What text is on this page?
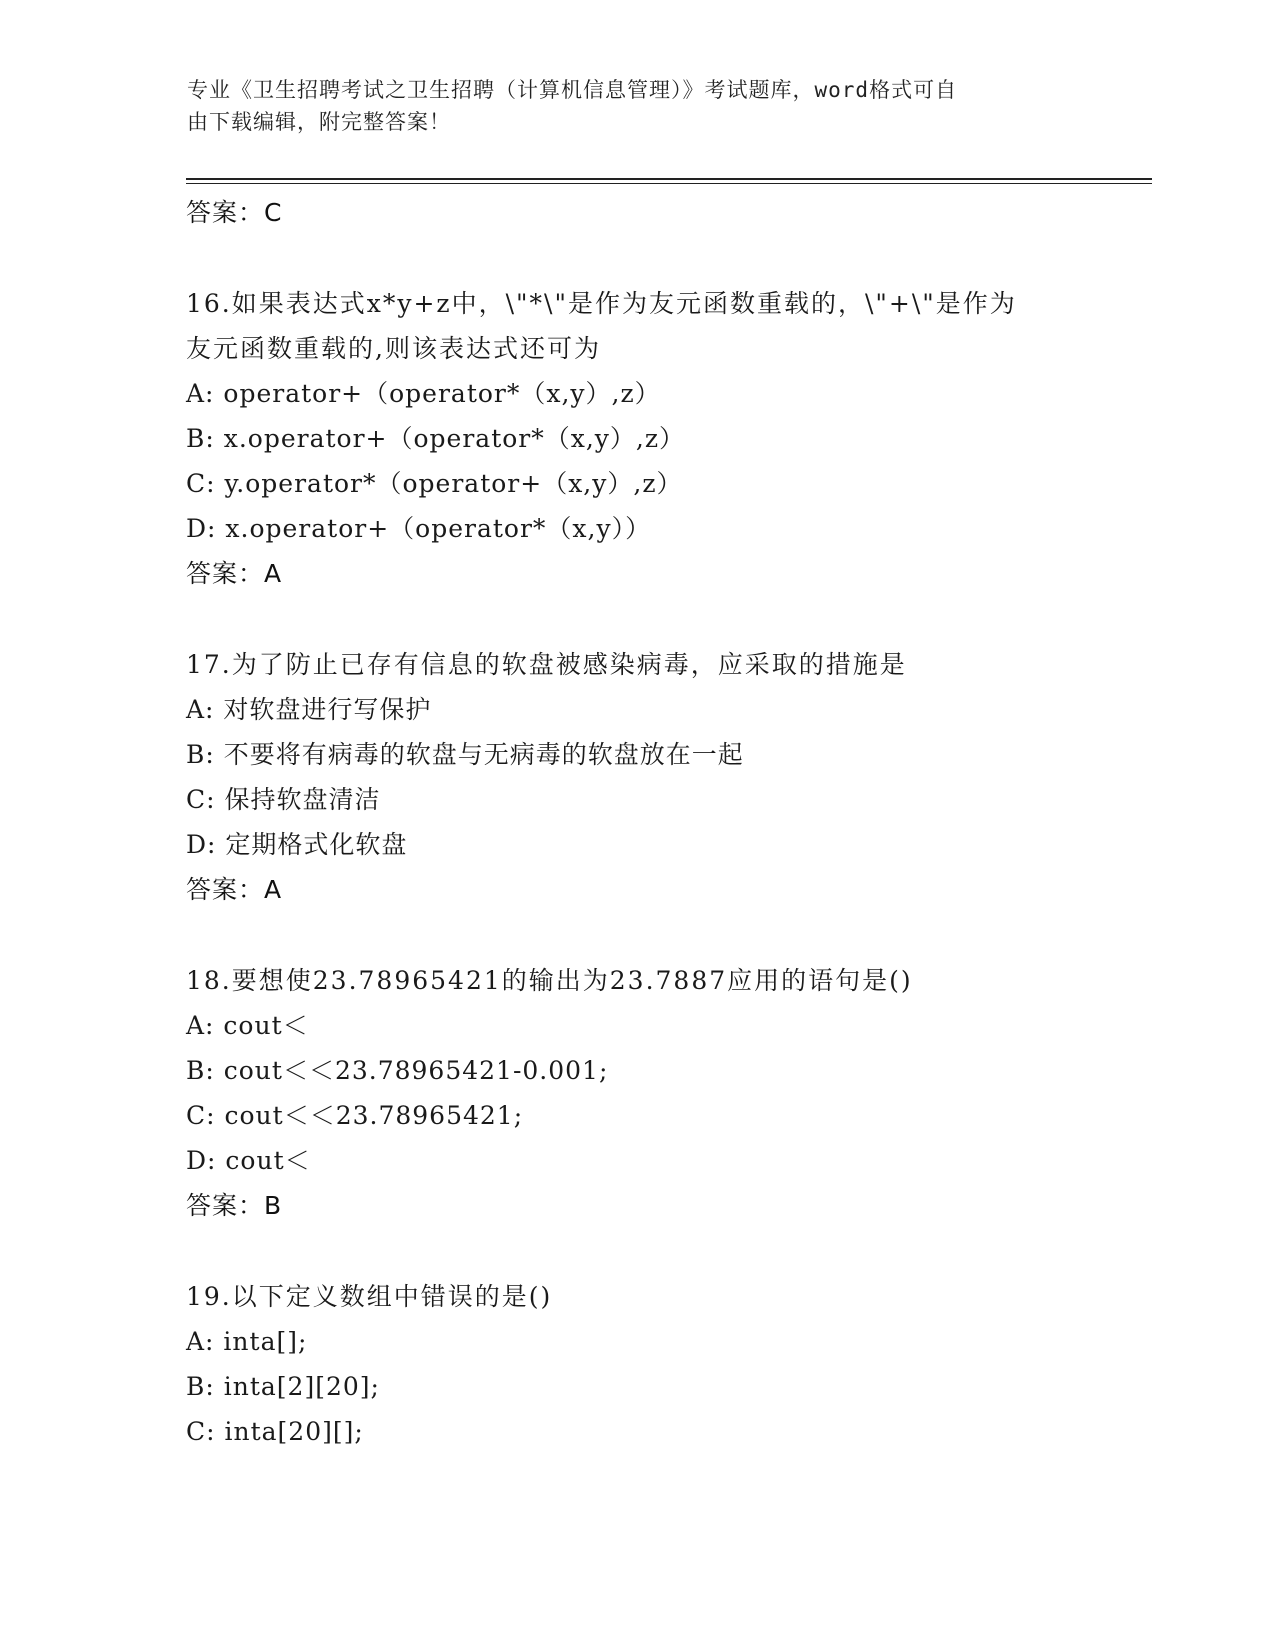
专业《卫生招聘考试之卫生招聘（计算机信息管理）》考试题库，word格式可自
由下载编辑，附完整答案！
答案：C
16.如果表达式x*y+z中，\"*\"是作为友元函数重载的，\"+\"是作为
友元函数重载的,则该表达式还可为
A: operator+（operator*（x,y）,z）
B: x.operator+（operator*（x,y）,z）
C: y.operator*（operator+（x,y）,z）
D: x.operator+（operator*（x,y））
答案：A
17.为了防止已存有信息的软盘被感染病毒，应采取的措施是
A: 对软盘进行写保护
B: 不要将有病毒的软盘与无病毒的软盘放在一起
C: 保持软盘清洁
D: 定期格式化软盘
答案：A
18.要想使23.78965421的输出为23.7887应用的语句是()
A: cout＜
B: cout＜＜23.78965421-0.001;
C: cout＜＜23.78965421;
D: cout＜
答案：B
19.以下定义数组中错误的是()
A: inta[];
B: inta[2][20];
C: inta[20][];
